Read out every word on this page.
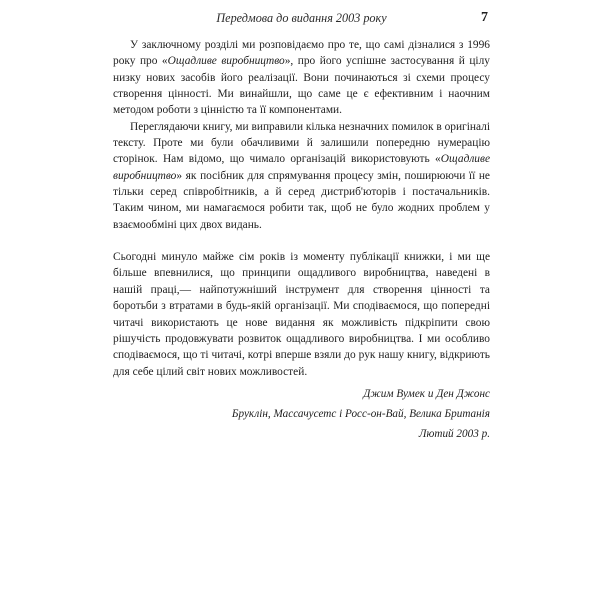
Передмова до видання 2003 року	7

У заключному розділі ми розповідаємо про те, що самі дізналися з 1996 року про «Ощадливе виробництво», про його успішне застосування й цілу низку нових засобів його реалізації. Вони починаються зі схеми процесу створення цінності. Ми винайшли, що саме це є ефективним і наочним методом роботи з цінністю та її компонентами.

Переглядаючи книгу, ми виправили кілька незначних помилок в оригіналі тексту. Проте ми були обачливими й залишили попередню нумерацію сторінок. Нам відомо, що чимало організацій використовують «Ощадливе виробництво» як посібник для спрямування процесу змін, поширюючи її не тільки серед співробітників, а й серед дистриб'юторів і постачальників. Таким чином, ми намагаємося робити так, щоб не було жодних проблем у взаємообміні цих двох видань.

Сьогодні минуло майже сім років із моменту публікації книжки, і ми ще більше впевнилися, що принципи ощадливого виробництва, наведені в нашій праці,— найпотужніший інструмент для створення цінності та боротьби з втратами в будь-якій організації. Ми сподіваємося, що попередні читачі використають це нове видання як можливість підкріпити свою рішучість продовжувати розвиток ощадливого виробництва. І ми особливо сподіваємося, що ті читачі, котрі вперше взяли до рук нашу книгу, відкриють для себе цілий світ нових можливостей.

Джим Вумек и Ден Джонс

Бруклін, Массачусетс і Росс-он-Вай, Велика Британія

Лютий 2003 р.
